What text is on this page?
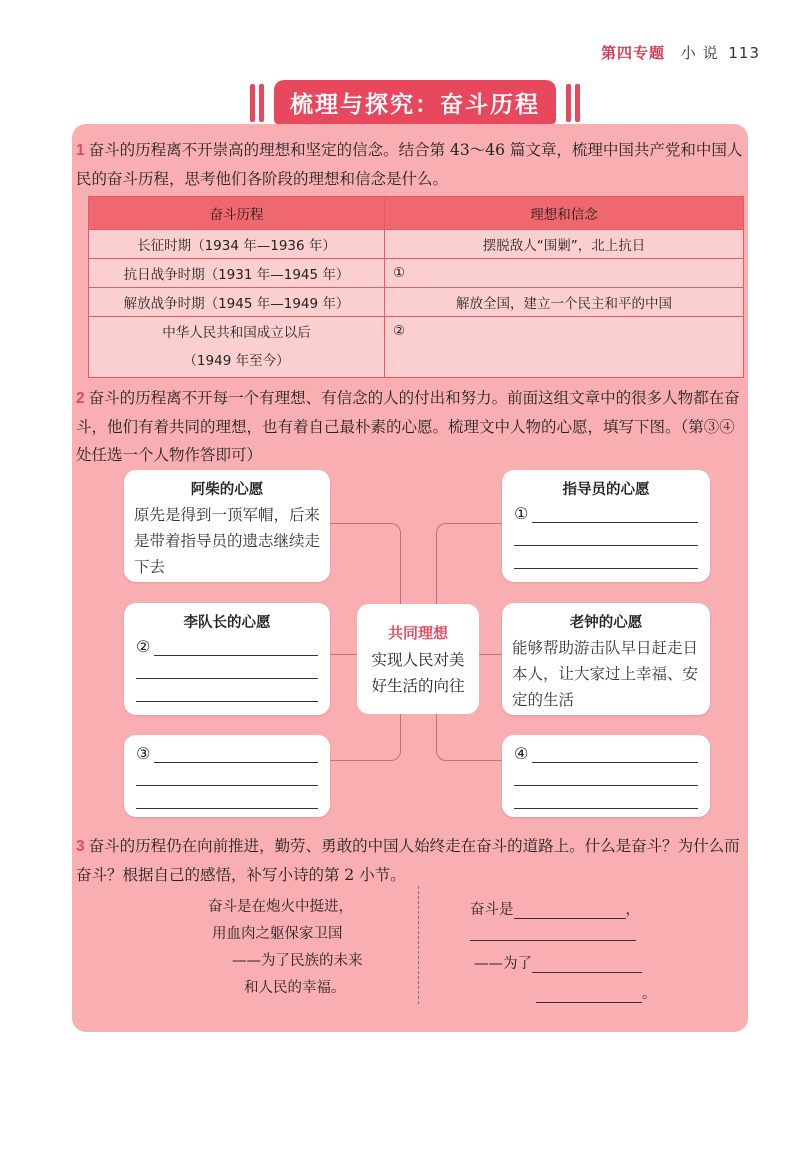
第四专题 小 说 113
梳理与探究：奋斗历程
1 奋斗的历程离不开崇高的理想和坚定的信念。结合第 43～46 篇文章，梳理中国共产党和中国人民的奋斗历程，思考他们各阶段的理想和信念是什么。
奋斗历程	理想和信念
长征时期（1934 年—1936 年）	摆脱敌人“围剿”，北上抗日
抗日战争时期（1931 年—1945 年）	①
解放战争时期（1945 年—1949 年）	解放全国，建立一个民主和平的中国

中华人民共和国成立以后
（1949 年至今）	②
2 奋斗的历程离不开每一个有理想、有信念的人的付出和努力。前面这组文章中的很多人物都在奋斗，他们有着共同的理想，也有着自己最朴素的心愿。梳理文中人物的心愿，填写下图。（第③④处任选一个人物作答即可）
共同理想
实现人民对美好生活的向往
阿柴的心愿
原先是得到一顶军帽，后来是带着指导员的遗志继续走下去
指导员的心愿
①
李队长的心愿
②
老钟的心愿
能够帮助游击队早日赶走日本人，让大家过上幸福、安定的生活
③	④
3 奋斗的历程仍在向前推进，勤劳、勇敢的中国人始终走在奋斗的道路上。什么是奋斗？为什么而奋斗？根据自己的感悟，补写小诗的第 2 小节。
奋斗是在炮火中挺进，
用血肉之躯保家卫国
——为了民族的未来
和人民的幸福。
奋斗是	，
——为了
。
